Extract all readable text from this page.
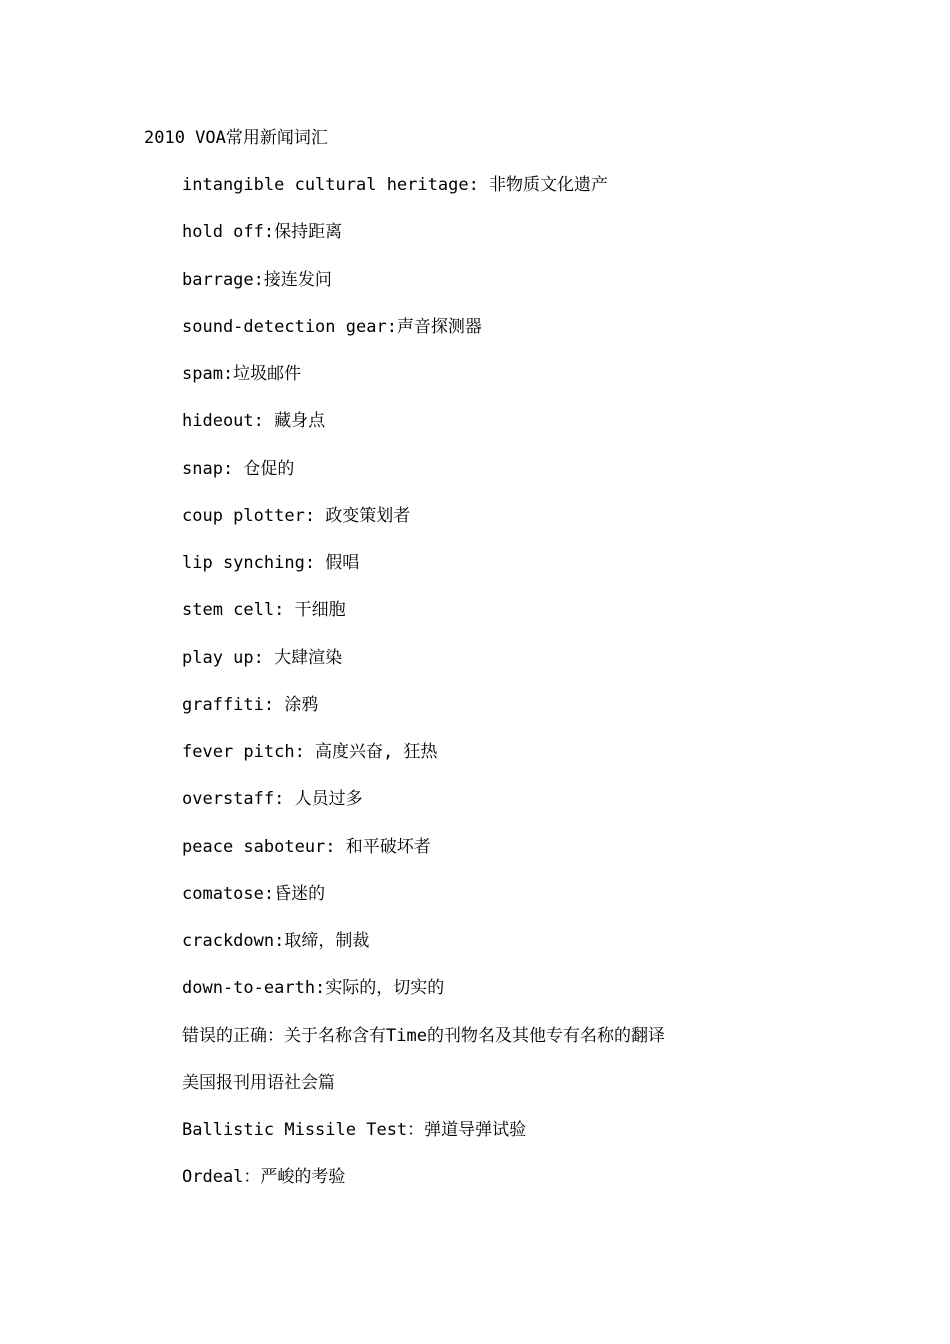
2010 VOA常用新闻词汇
intangible cultural heritage: 非物质文化遗产
hold off:保持距离
barrage:接连发问
sound-detection gear:声音探测器
spam:垃圾邮件
hideout: 藏身点
snap: 仓促的
coup plotter: 政变策划者
lip synching: 假唱
stem cell: 干细胞
play up: 大肆渲染
graffiti: 涂鸦
fever pitch: 高度兴奋, 狂热
overstaff: 人员过多
peace saboteur: 和平破坏者
comatose:昏迷的
crackdown:取缔，制裁
down-to-earth:实际的，切实的
错误的正确：关于名称含有Time的刊物名及其他专有名称的翻译
美国报刊用语社会篇
Ballistic Missile Test：弹道导弹试验
Ordeal：严峻的考验
